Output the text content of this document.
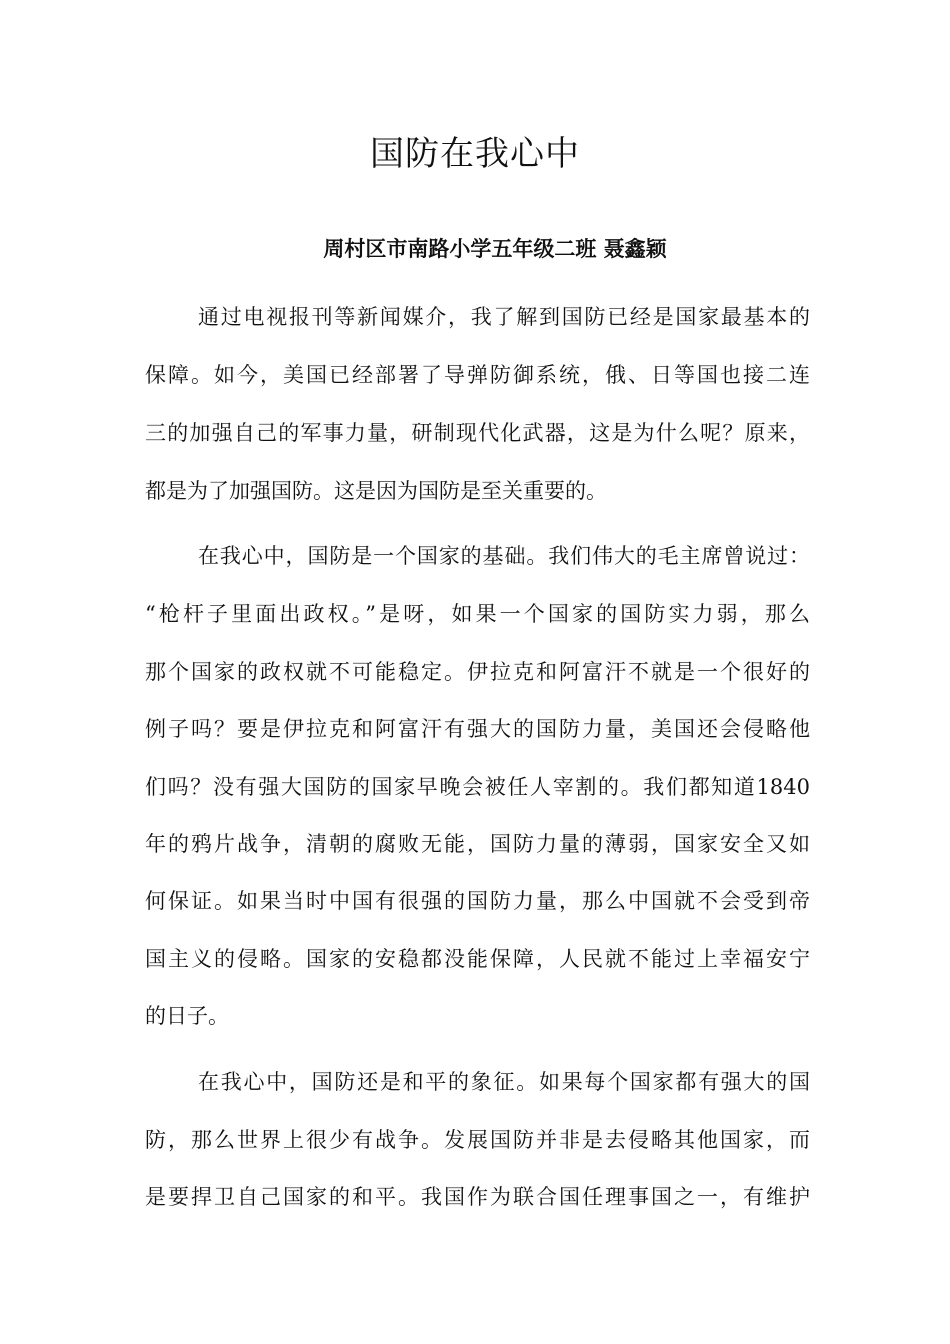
国防在我心中

周村区市南路小学五年级二班 聂鑫颖

通过电视报刊等新闻媒介，我了解到国防已经是国家最基本的

保障。如今，美国已经部署了导弹防御系统，俄、日等国也接二连

三的加强自己的军事力量，研制现代化武器，这是为什么呢？原来，

都是为了加强国防。这是因为国防是至关重要的。

在我心中，国防是一个国家的基础。我们伟大的毛主席曾说过：

“枪杆子里面出政权。”是呀，如果一个国家的国防实力弱，那么

那个国家的政权就不可能稳定。伊拉克和阿富汗不就是一个很好的

例子吗？要是伊拉克和阿富汗有强大的国防力量，美国还会侵略他

们吗？没有强大国防的国家早晚会被任人宰割的。我们都知道1840

年的鸦片战争，清朝的腐败无能，国防力量的薄弱，国家安全又如

何保证。如果当时中国有很强的国防力量，那么中国就不会受到帝

国主义的侵略。国家的安稳都没能保障，人民就不能过上幸福安宁

的日子。

在我心中，国防还是和平的象征。如果每个国家都有强大的国

防，那么世界上很少有战争。发展国防并非是去侵略其他国家，而

是要捍卫自己国家的和平。我国作为联合国任理事国之一，有维护
